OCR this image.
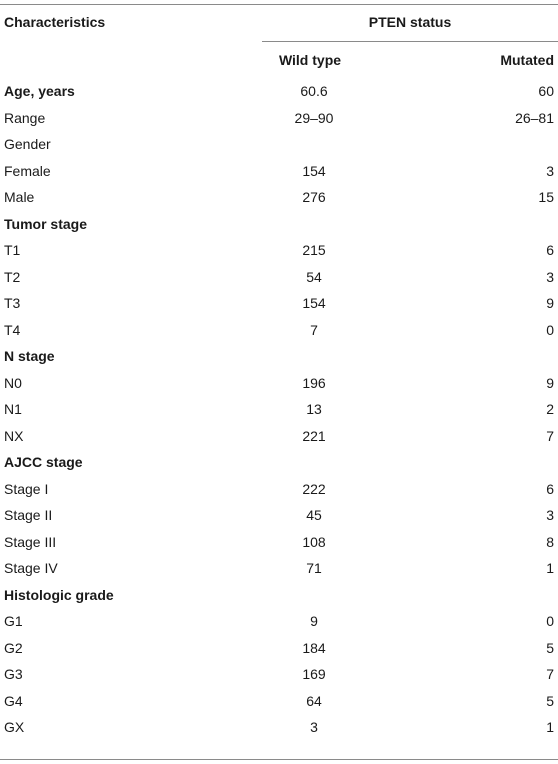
Characteristics	PTEN status
Wild type	Mutated
Age, years	60.6	60
Range	29–90	26–81
Gender		
Female	154	3
Male	276	15
Tumor stage		
T1	215	6
T2	54	3
T3	154	9
T4	7	0
N stage		
N0	196	9
N1	13	2
NX	221	7
AJCC stage		
Stage I	222	6
Stage II	45	3
Stage III	108	8
Stage IV	71	1
Histologic grade		
G1	9	0
G2	184	5
G3	169	7
G4	64	5
GX	3	1
